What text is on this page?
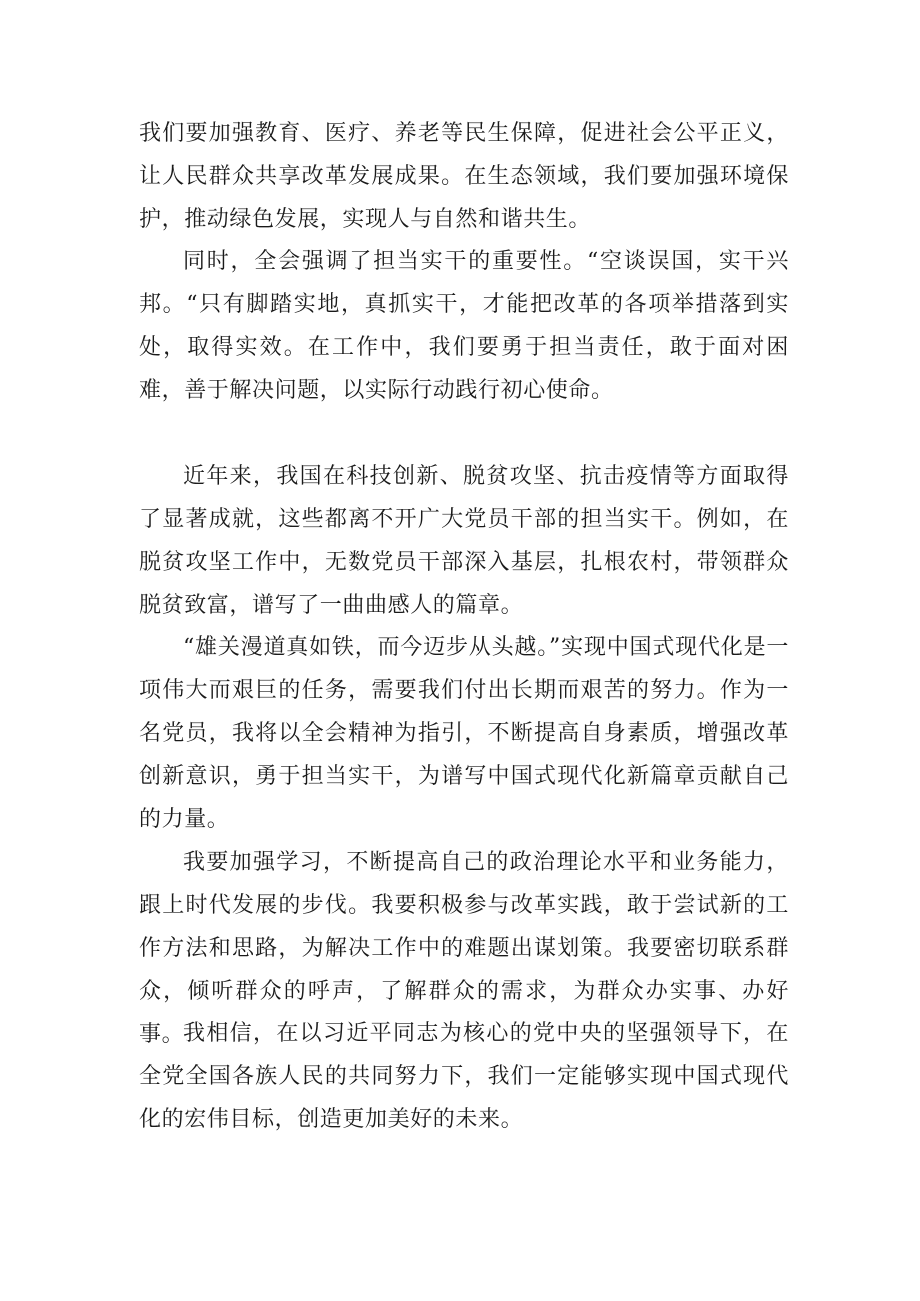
我们要加强教育、医疗、养老等民生保障，促进社会公平正义，让人民群众共享改革发展成果。在生态领域，我们要加强环境保护，推动绿色发展，实现人与自然和谐共生。

同时，全会强调了担当实干的重要性。“空谈误国，实干兴邦。“只有脚踏实地，真抓实干，才能把改革的各项举措落到实处，取得实效。在工作中，我们要勇于担当责任，敢于面对困难，善于解决问题，以实际行动践行初心使命。

近年来，我国在科技创新、脱贫攻坚、抗击疫情等方面取得了显著成就，这些都离不开广大党员干部的担当实干。例如，在脱贫攻坚工作中，无数党员干部深入基层，扎根农村，带领群众脱贫致富，谱写了一曲曲感人的篇章。

“雄关漫道真如铁，而今迈步从头越。”实现中国式现代化是一项伟大而艰巨的任务，需要我们付出长期而艰苦的努力。作为一名党员，我将以全会精神为指引，不断提高自身素质，增强改革创新意识，勇于担当实干，为谱写中国式现代化新篇章贡献自己的力量。

我要加强学习，不断提高自己的政治理论水平和业务能力，跟上时代发展的步伐。我要积极参与改革实践，敢于尝试新的工作方法和思路，为解决工作中的难题出谋划策。我要密切联系群众，倾听群众的呼声，了解群众的需求，为群众办实事、办好事。

我相信，在以习近平同志为核心的党中央的坚强领导下，在全党全国各族人民的共同努力下，我们一定能够实现中国式现代化的宏伟目标，创造更加美好的未来。
